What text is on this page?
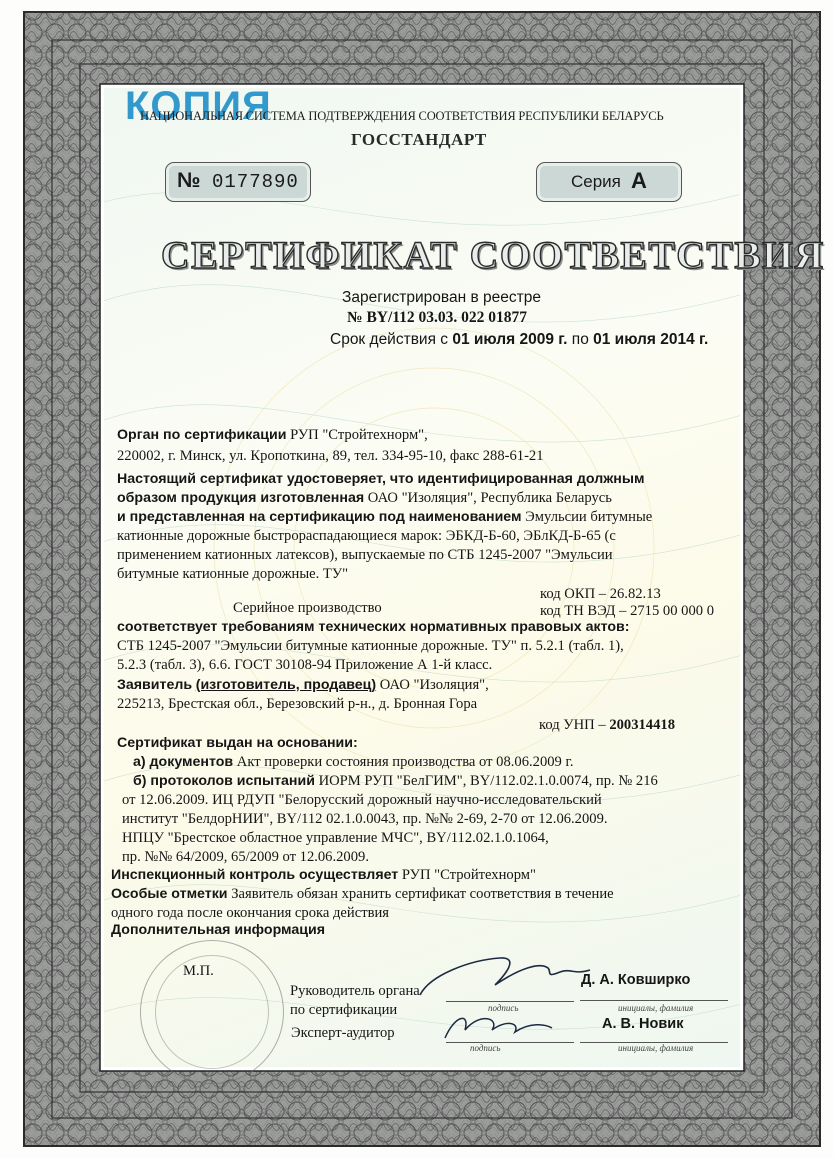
КОПИЯ
НАЦИОНАЛЬНАЯ СИСТЕМА ПОДТВЕРЖДЕНИЯ СООТВЕТСТВИЯ РЕСПУБЛИКИ БЕЛАРУСЬ
ГОССТАНДАРТ
№ 0177890	Серия А
СЕРТИФИКАТ СООТВЕТСТВИЯ
Зарегистрирован в реестре
№ BY/112 03.03. 022 01877
Срок действия с 01 июля 2009 г. по 01 июля 2014 г.
Орган по сертификации РУП "Стройтехнорм",
220002, г. Минск, ул. Кропоткина, 89, тел. 334-95-10, факс 288-61-21
Настоящий сертификат удостоверяет, что идентифицированная должным
образом продукция изготовленная ОАО "Изоляция", Республика Беларусь
и представленная на сертификацию под наименованием Эмульсии битумные
катионные дорожные быстрораспадающиеся марок: ЭБКД-Б-60, ЭБлКД-Б-65 (с
применением катионных латексов), выпускаемые по СТБ 1245-2007 "Эмульсии
битумные катионные дорожные. ТУ"
код ОКП – 26.82.13
Серийное производство	код ТН ВЭД – 2715 00 000 0
соответствует требованиям технических нормативных правовых актов:
СТБ 1245-2007 "Эмульсии битумные катионные дорожные. ТУ" п. 5.2.1 (табл. 1),
5.2.3 (табл. 3), 6.6. ГОСТ 30108-94 Приложение А 1-й класс.
Заявитель (изготовитель, продавец) ОАО "Изоляция",
225213, Брестская обл., Березовский р-н., д. Бронная Гора
код УНП – 200314418
Сертификат выдан на основании:
а) документов Акт проверки состояния производства от 08.06.2009 г.
б) протоколов испытаний ИОРМ РУП "БелГИМ", BY/112.02.1.0.0074, пр. № 216
от 12.06.2009. ИЦ РДУП "Белорусский дорожный научно-исследовательский
институт "БелдорНИИ", BY/112 02.1.0.0043, пр. №№ 2-69, 2-70 от 12.06.2009.
НПЦУ "Брестское областное управление МЧС", BY/112.02.1.0.1064,
пр. №№ 64/2009, 65/2009 от 12.06.2009.
Инспекционный контроль осуществляет РУП "Стройтехнорм"
Особые отметки Заявитель обязан хранить сертификат соответствия в течение
одного года после окончания срока действия
Дополнительная информация
М.П.
Руководитель органа
по сертификации	подпись
Д. А. Ковширко
инициалы, фамилия
Эксперт-аудитор
подпись
А. В. Новик
инициалы, фамилия
